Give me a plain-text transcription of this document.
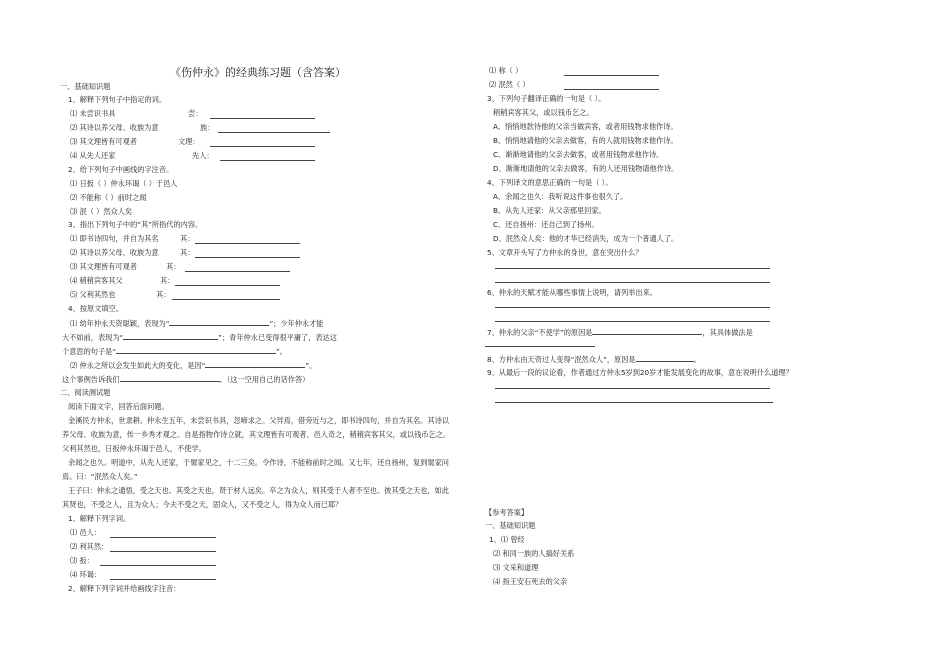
《伤仲永》的经典练习题（含答案）
一、基础知识题
1、解释下列句子中指定的词。
⑴ 未尝识书具	尝：
⑵ 其诗以养父母、收族为意	族：
⑶ 其文理皆有可观者	文理：
⑷ 从先人还家	先人：
2、给下列句子中画线的字注音。
⑴ 日扳（ ）仲永环谒（ ）于邑人
⑵ 不能称（ ）前时之闻
⑶ 泯（ ）然众人矣
3、指出下列句子中的“其”所指代的内容。
⑴ 即书诗四句，并自为其名	其：
⑵ 其诗以养父母、收族为意	其：
⑶ 其文理皆有可观者	其：
⑷ 稍稍宾客其父	其：
⑸ 父利其然也	其：
4、按原文填空。
⑴ 幼年仲永天资聪颖，表现为“	”；少年仲永才能
大不如前，表现为“	”；青年仲永已变得很平庸了，表达这
个意思的句子是“	”。
⑵ 仲永之所以会发生如此大的变化，是因“	”。
这个事例告诉我们	。（这一空用自己的话作答）
二、阅读测试题
阅读下面文字，回答后面问题。
金溪民方仲永，世隶耕。仲永生五年，未尝识书具，忽啼求之。父异焉，借旁近与之，即书诗四句，并自为其名。其诗以
养父母、收族为意，传一乡秀才观之。自是指物作诗立就，其文理皆有可观者。邑人奇之，稍稍宾客其父，或以钱币乞之。
父利其然也，日扳仲永环谒于邑人，不使学。
余闻之也久。明道中，从先人还家，于舅家见之，十二三矣。令作诗，不能称前时之闻。又七年，还自扬州，复到舅家问
焉。曰：“泯然众人矣。”
王子曰：仲永之通悟，受之天也。其受之天也，贤于材人远矣。卒之为众人，则其受于人者不至也。彼其受之天也，如此
其贤也，不受之人，且为众人；今夫不受之天，固众人，又不受之人，得为众人而已耶？
1、解释下列字词。
⑴ 邑人：
⑵ 利其然：
⑶ 扳：
⑷ 环谒：
2、解释下列字词并给画线字注音：
⑴ 称（ ）
⑵ 泯然（ ）
3、下列句子翻译正确的一句是（ ）。
稍稍宾客其父，或以钱币乞之。
A、悄悄地款待他的父亲当做宾客，或者用钱物求他作诗。
B、悄悄地请他的父亲去做客，有的人就用钱物求他作诗。
C、渐渐地请他的父亲去做客，或者用钱物求他作诗。
D、渐渐地请他的父亲去做客，有的人还用钱物请他作诗。
4、下列译文的意思正确的一句是（ ）。
A、余闻之也久：我听说这件事也很久了。
B、从先人还家：从父亲那里回家。
C、还自扬州：还自己到了扬州。
D、泯然众人矣：他的才华已经消失，成为一个普通人了。
5、文章开头写了方仲永的身世，意在突出什么？
6、仲永的天赋才能从哪些事情上说明，请列举出来。
7、仲永的父亲“不使学”的原因是	，其具体做法是
8、方仲永由天资过人变得“泯然众人”，原因是	。
9、从最后一段的议论看，作者通过方仲永5岁到20岁才能发展变化的故事，意在说明什么道理？
【参考答案】
一、基础知识题
1、⑴ 曾经
⑵ 和同一族的人搞好关系
⑶ 文采和道理
⑷ 指王安石死去的父亲
